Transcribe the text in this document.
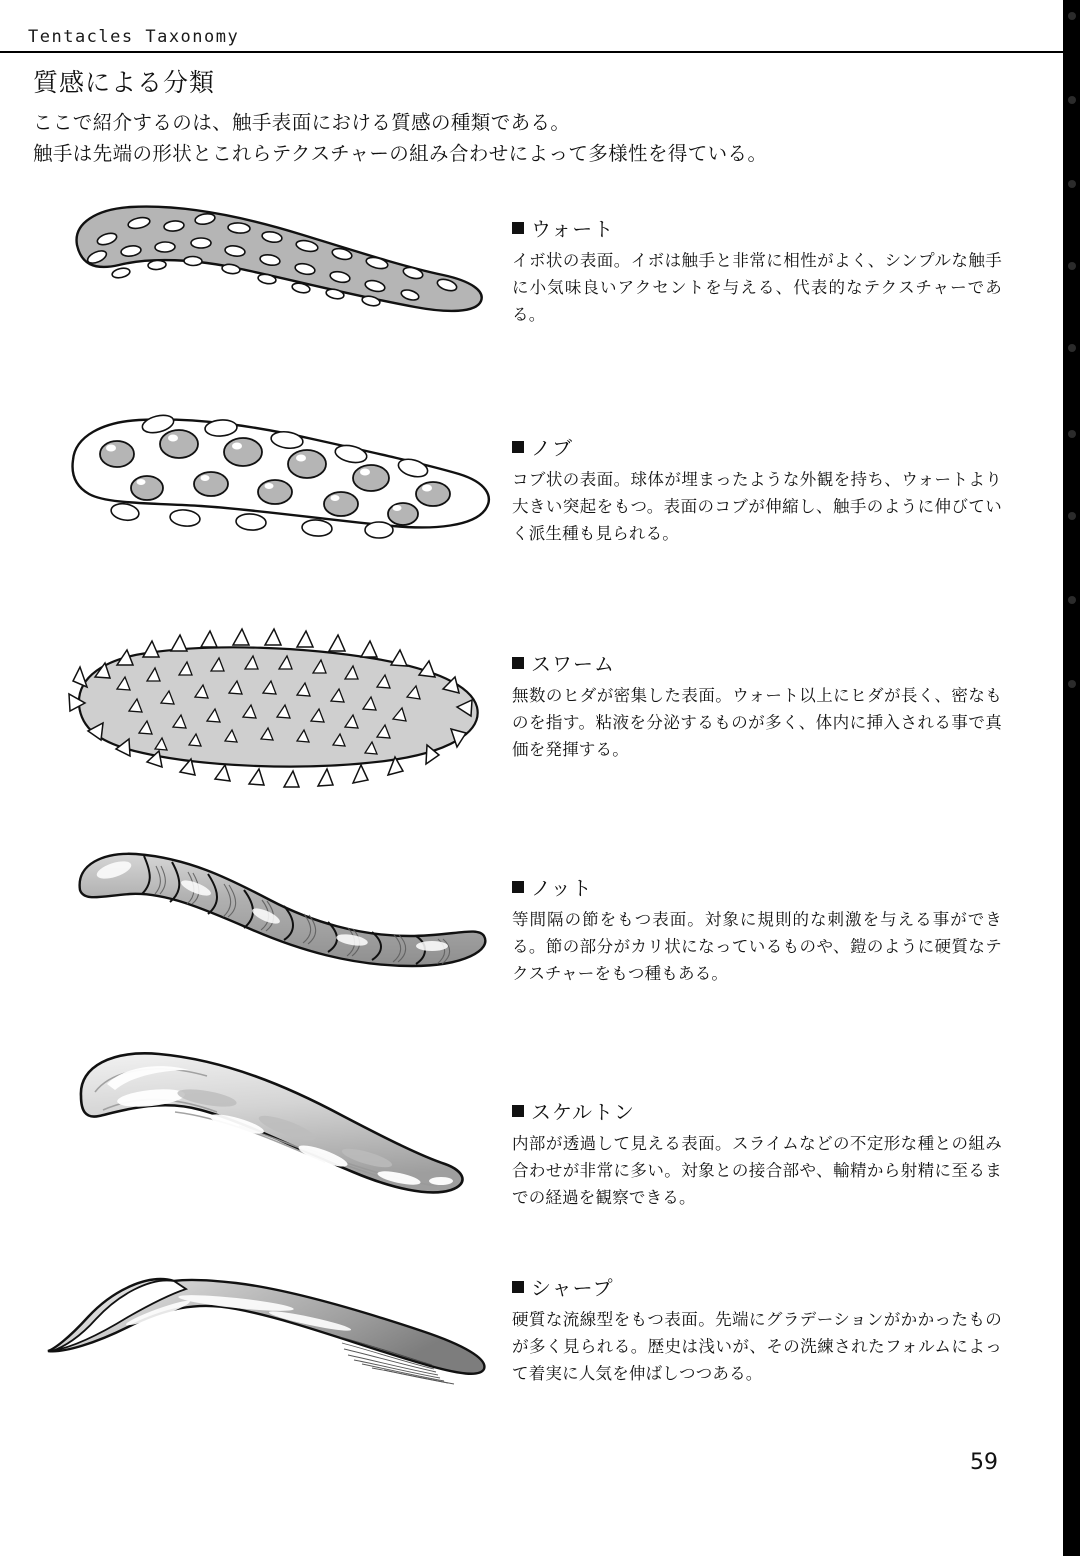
Tentacles Taxonomy
質感による分類
ここで紹介するのは、触手表面における質感の種類である。
触手は先端の形状とこれらテクスチャーの組み合わせによって多様性を得ている。
ウォート
イボ状の表面。イボは触手と非常に相性がよく、シンプルな触手に小気味良いアクセントを与える、代表的なテクスチャーである。
ノブ
コブ状の表面。球体が埋まったような外観を持ち、ウォートより大きい突起をもつ。表面のコブが伸縮し、触手のように伸びていく派生種も見られる。
スワーム
無数のヒダが密集した表面。ウォート以上にヒダが長く、密なものを指す。粘液を分泌するものが多く、体内に挿入される事で真価を発揮する。
ノット
等間隔の節をもつ表面。対象に規則的な刺激を与える事ができる。節の部分がカリ状になっているものや、鎧のように硬質なテクスチャーをもつ種もある。
スケルトン
内部が透過して見える表面。スライムなどの不定形な種との組み合わせが非常に多い。対象との接合部や、輸精から射精に至るまでの経過を観察できる。
シャープ
硬質な流線型をもつ表面。先端にグラデーションがかかったものが多く見られる。歴史は浅いが、その洗練されたフォルムによって着実に人気を伸ばしつつある。
59
